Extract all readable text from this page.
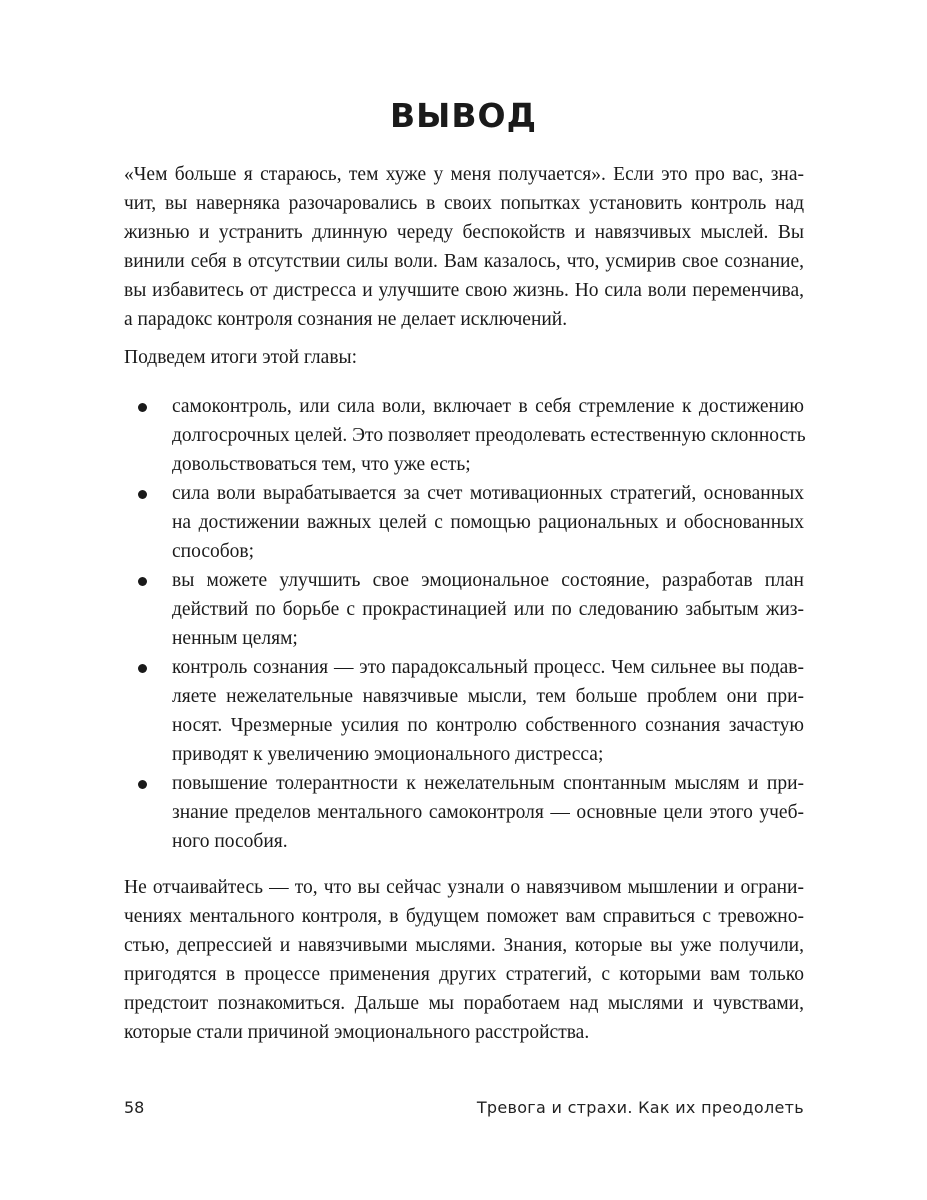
ВЫВОД
«Чем больше я стараюсь, тем хуже у меня получается». Если это про вас, зна-
чит, вы наверняка разочаровались в своих попытках установить контроль над
жизнью и устранить длинную череду беспокойств и навязчивых мыслей. Вы
винили себя в отсутствии силы воли. Вам казалось, что, усмирив свое сознание,
вы избавитесь от дистресса и улучшите свою жизнь. Но сила воли переменчива,
а парадокс контроля сознания не делает исключений.
Подведем итоги этой главы:
самоконтроль, или сила воли, включает в себя стремление к достижению
долгосрочных целей. Это позволяет преодолевать естественную склонность
довольствоваться тем, что уже есть;
сила воли вырабатывается за счет мотивационных стратегий, основанных
на достижении важных целей с помощью рациональных и обоснованных
способов;
вы можете улучшить свое эмоциональное состояние, разработав план
действий по борьбе с прокрастинацией или по следованию забытым жиз-
ненным целям;
контроль сознания — это парадоксальный процесс. Чем сильнее вы подав-
ляете нежелательные навязчивые мысли, тем больше проблем они при-
носят. Чрезмерные усилия по контролю собственного сознания зачастую
приводят к увеличению эмоционального дистресса;
повышение толерантности к нежелательным спонтанным мыслям и при-
знание пределов ментального самоконтроля — основные цели этого учеб-
ного пособия.
Не отчаивайтесь — то, что вы сейчас узнали о навязчивом мышлении и ограни-
чениях ментального контроля, в будущем поможет вам справиться с тревожно-
стью, депрессией и навязчивыми мыслями. Знания, которые вы уже получили,
пригодятся в процессе применения других стратегий, с которыми вам только
предстоит познакомиться. Дальше мы поработаем над мыслями и чувствами,
которые стали причиной эмоционального расстройства.
58	Тревога и страхи. Как их преодолеть
